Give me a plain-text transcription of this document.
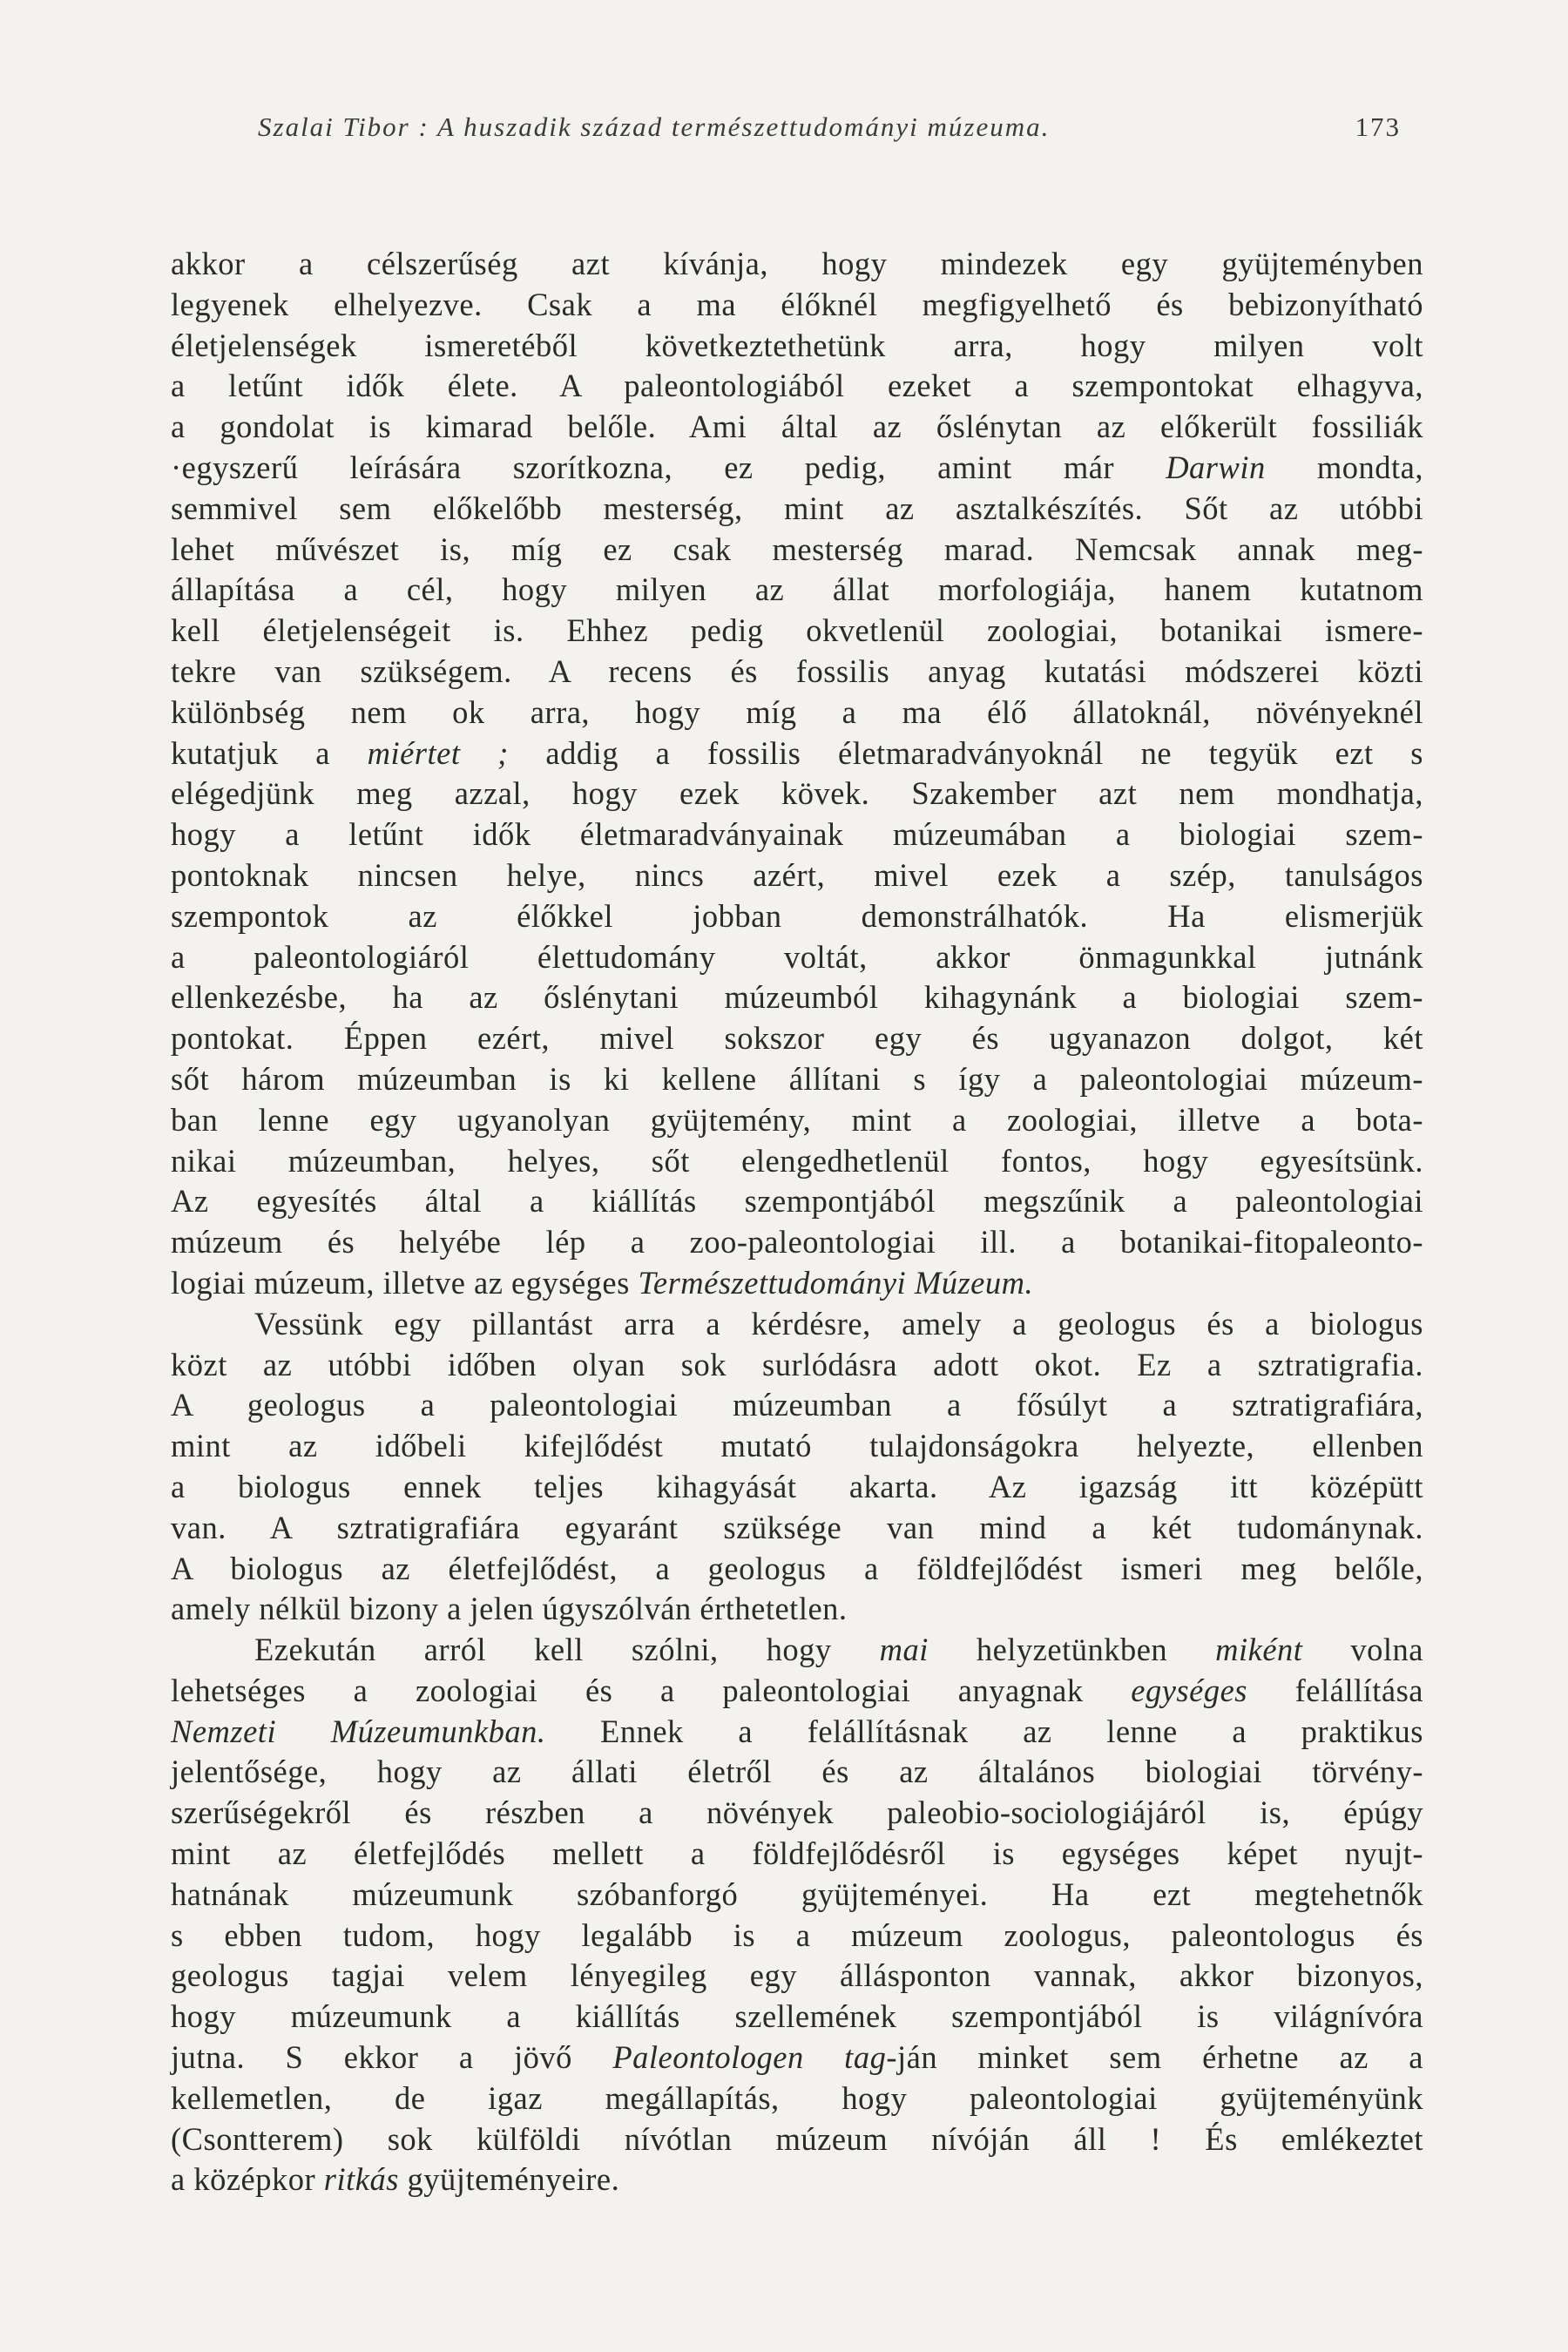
Szalai Tibor : A huszadik század természettudományi múzeuma.	173
akkor a célszerűség azt kívánja, hogy mindezek egy gyüjteményben
legyenek elhelyezve. Csak a ma élőknél megfigyelhető és bebizonyítható
életjelenségek ismeretéből következtethetünk arra, hogy milyen volt
a letűnt idők élete. A paleontologiából ezeket a szempontokat elhagyva,
a gondolat is kimarad belőle. Ami által az őslénytan az előkerült fossiliák
·egyszerű leírására szorítkozna, ez pedig, amint már Darwin mondta,
semmivel sem előkelőbb mesterség, mint az asztalkészítés. Sőt az utóbbi
lehet művészet is, míg ez csak mesterség marad. Nemcsak annak meg-
állapítása a cél, hogy milyen az állat morfologiája, hanem kutatnom
kell életjelenségeit is. Ehhez pedig okvetlenül zoologiai, botanikai ismere-
tekre van szükségem. A recens és fossilis anyag kutatási módszerei közti
különbség nem ok arra, hogy míg a ma élő állatoknál, növényeknél
kutatjuk a miértet ; addig a fossilis életmaradványoknál ne tegyük ezt s
elégedjünk meg azzal, hogy ezek kövek. Szakember azt nem mondhatja,
hogy a letűnt idők életmaradványainak múzeumában a biologiai szem-
pontoknak nincsen helye, nincs azért, mivel ezek a szép, tanulságos
szempontok az élőkkel jobban demonstrálhatók. Ha elismerjük
a paleontologiáról élettudomány voltát, akkor önmagunkkal jutnánk
ellenkezésbe, ha az őslénytani múzeumból kihagynánk a biologiai szem-
pontokat. Éppen ezért, mivel sokszor egy és ugyanazon dolgot, két
sőt három múzeumban is ki kellene állítani s így a paleontologiai múzeum-
ban lenne egy ugyanolyan gyüjtemény, mint a zoologiai, illetve a bota-
nikai múzeumban, helyes, sőt elengedhetlenül fontos, hogy egyesítsünk.
Az egyesítés által a kiállítás szempontjából megszűnik a paleontologiai
múzeum és helyébe lép a zoo-paleontologiai ill. a botanikai-fitopaleonto-
logiai múzeum, illetve az egységes Természettudományi Múzeum.
Vessünk egy pillantást arra a kérdésre, amely a geologus és a biologus
közt az utóbbi időben olyan sok surlódásra adott okot. Ez a sztratigrafia.
A geologus a paleontologiai múzeumban a fősúlyt a sztratigrafiára,
mint az időbeli kifejlődést mutató tulajdonságokra helyezte, ellenben
a biologus ennek teljes kihagyását akarta. Az igazság itt középütt
van. A sztratigrafiára egyaránt szüksége van mind a két tudománynak.
A biologus az életfejlődést, a geologus a földfejlődést ismeri meg belőle,
amely nélkül bizony a jelen úgyszólván érthetetlen.
Ezekután arról kell szólni, hogy mai helyzetünkben miként volna
lehetséges a zoologiai és a paleontologiai anyagnak egységes felállítása
Nemzeti Múzeumunkban. Ennek a felállításnak az lenne a praktikus
jelentősége, hogy az állati életről és az általános biologiai törvény-
szerűségekről és részben a növények paleobio-sociologiájáról is, épúgy
mint az életfejlődés mellett a földfejlődésről is egységes képet nyujt-
hatnának múzeumunk szóbanforgó gyüjteményei. Ha ezt megtehetnők
s ebben tudom, hogy legalább is a múzeum zoologus, paleontologus és
geologus tagjai velem lényegileg egy állásponton vannak, akkor bizonyos,
hogy múzeumunk a kiállítás szellemének szempontjából is világnívóra
jutna. S ekkor a jövő Paleontologen tag-ján minket sem érhetne az a
kellemetlen, de igaz megállapítás, hogy paleontologiai gyüjteményünk
(Csontterem) sok külföldi nívótlan múzeum nívóján áll ! És emlékeztet
a középkor ritkás gyüjteményeire.
